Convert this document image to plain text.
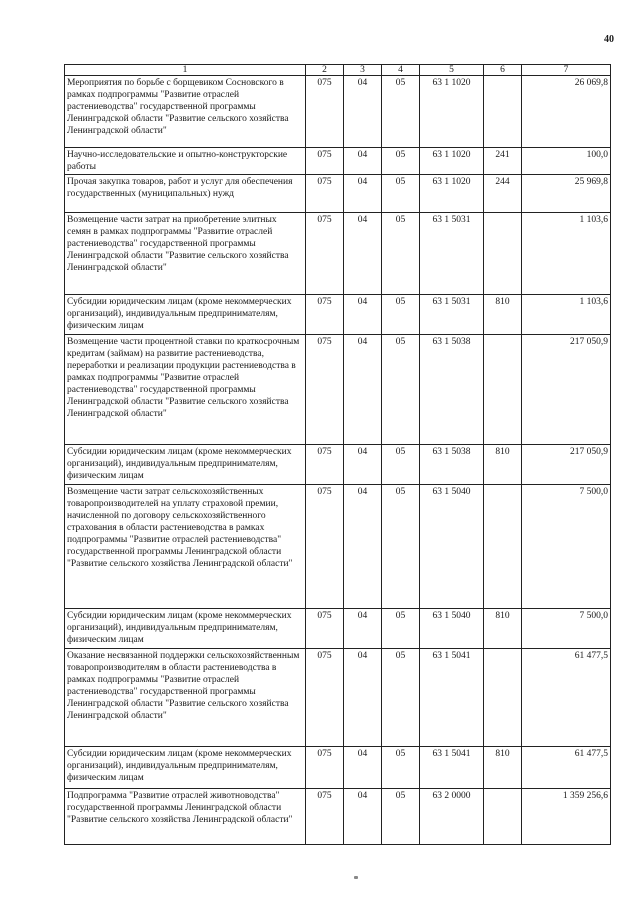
40
1	2	3	4	5	6	7
Мероприятия по борьбе с борщевиком Сосновского в рамках подпрограммы "Развитие отраслей растениеводства" государственной программы Ленинградской области "Развитие сельского хозяйства Ленинградской области"	075	04	05	63 1 1020		26 069,8
Научно-исследовательские и опытно-конструкторские работы	075	04	05	63 1 1020	241	100,0
Прочая закупка товаров, работ и услуг для обеспечения государственных (муниципальных) нужд	075	04	05	63 1 1020	244	25 969,8
Возмещение части затрат на приобретение элитных семян в рамках подпрограммы "Развитие отраслей растениеводства" государственной программы Ленинградской области "Развитие сельского хозяйства Ленинградской области"	075	04	05	63 1 5031		1 103,6
Субсидии юридическим лицам (кроме некоммерческих организаций), индивидуальным предпринимателям, физическим лицам	075	04	05	63 1 5031	810	1 103,6
Возмещение части процентной ставки по краткосрочным кредитам (займам) на развитие растениеводства, переработки и реализации продукции растениеводства в рамках подпрограммы "Развитие отраслей растениеводства" государственной программы Ленинградской области "Развитие сельского хозяйства Ленинградской области"	075	04	05	63 1 5038		217 050,9
Субсидии юридическим лицам (кроме некоммерческих организаций), индивидуальным предпринимателям, физическим лицам	075	04	05	63 1 5038	810	217 050,9
Возмещение части затрат сельскохозяйственных товаропроизводителей на уплату страховой премии, начисленной по договору сельскохозяйственного страхования в области растениеводства в рамках подпрограммы "Развитие отраслей растениеводства" государственной программы Ленинградской области "Развитие сельского хозяйства Ленинградской области"	075	04	05	63 1 5040		7 500,0
Субсидии юридическим лицам (кроме некоммерческих организаций), индивидуальным предпринимателям, физическим лицам	075	04	05	63 1 5040	810	7 500,0
Оказание несвязанной поддержки сельскохозяйственным товаропроизводителям в области растениеводства в рамках подпрограммы "Развитие отраслей растениеводства" государственной программы Ленинградской области "Развитие сельского хозяйства Ленинградской области"	075	04	05	63 1 5041		61 477,5
Субсидии юридическим лицам (кроме некоммерческих организаций), индивидуальным предпринимателям, физическим лицам	075	04	05	63 1 5041	810	61 477,5
Подпрограмма "Развитие отраслей животноводства" государственной программы Ленинградской области "Развитие сельского хозяйства Ленинградской области"	075	04	05	63 2 0000		1 359 256,6
